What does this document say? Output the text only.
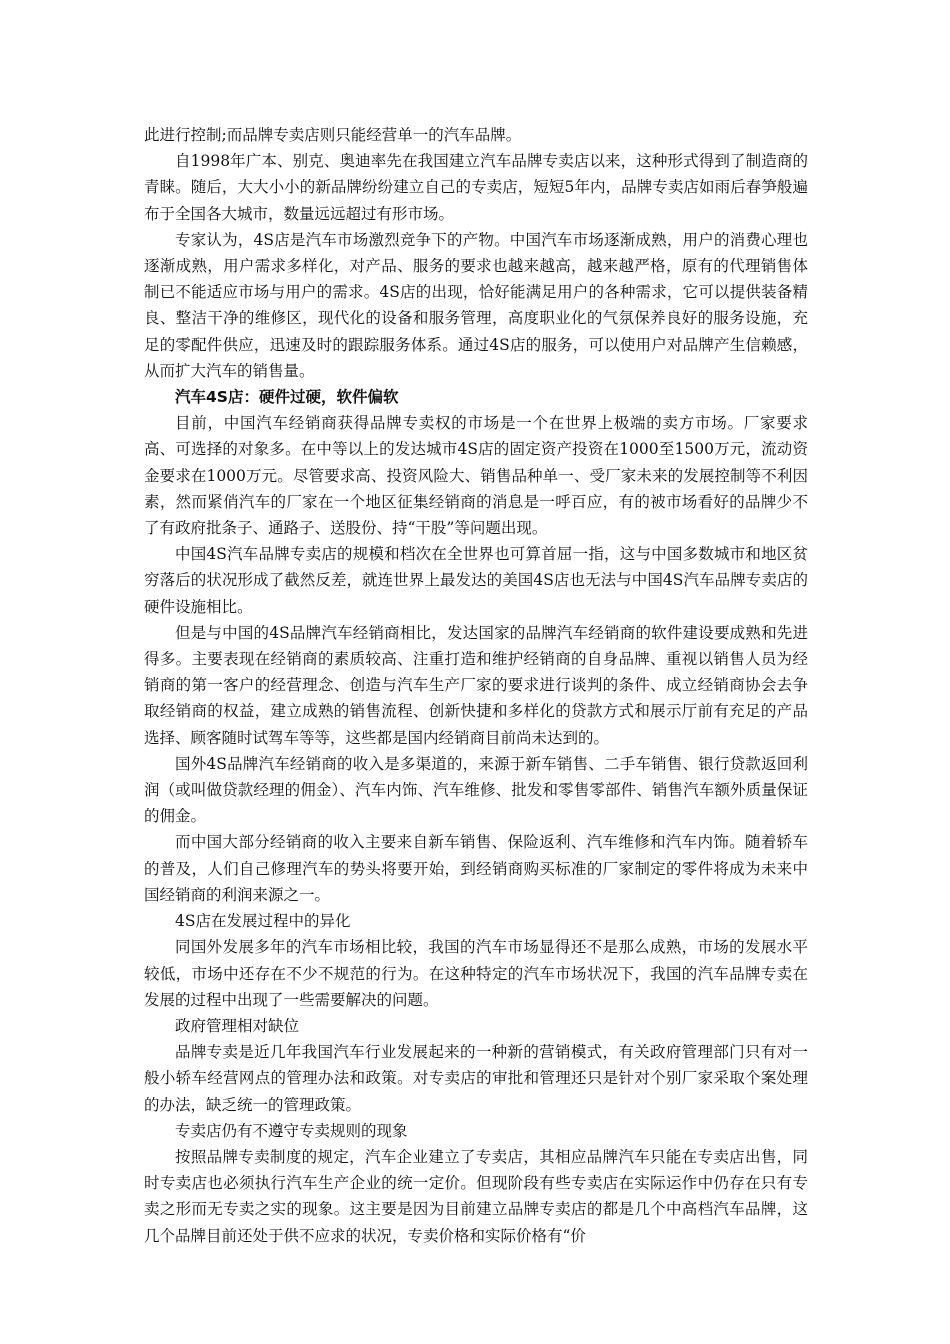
此进行控制;而品牌专卖店则只能经营单一的汽车品牌。

自1998年广本、别克、奥迪率先在我国建立汽车品牌专卖店以来，这种形式得到了制造商的青睐。随后，大大小小的新品牌纷纷建立自己的专卖店，短短5年内，品牌专卖店如雨后春笋般遍布于全国各大城市，数量远远超过有形市场。

专家认为，4S店是汽车市场激烈竞争下的产物。中国汽车市场逐渐成熟，用户的消费心理也逐渐成熟，用户需求多样化，对产品、服务的要求也越来越高，越来越严格，原有的代理销售体制已不能适应市场与用户的需求。4S店的出现，恰好能满足用户的各种需求，它可以提供装备精良、整洁干净的维修区，现代化的设备和服务管理，高度职业化的气氛保养良好的服务设施，充足的零配件供应，迅速及时的跟踪服务体系。通过4S店的服务，可以使用户对品牌产生信赖感，从而扩大汽车的销售量。

汽车4S店：硬件过硬，软件偏软

目前，中国汽车经销商获得品牌专卖权的市场是一个在世界上极端的卖方市场。厂家要求高、可选择的对象多。在中等以上的发达城市4S店的固定资产投资在1000至1500万元，流动资金要求在1000万元。尽管要求高、投资风险大、销售品种单一、受厂家未来的发展控制等不利因素，然而紧俏汽车的厂家在一个地区征集经销商的消息是一呼百应，有的被市场看好的品牌少不了有政府批条子、通路子、送股份、持“干股”等问题出现。

中国4S汽车品牌专卖店的规模和档次在全世界也可算首屈一指，这与中国多数城市和地区贫穷落后的状况形成了截然反差，就连世界上最发达的美国4S店也无法与中国4S汽车品牌专卖店的硬件设施相比。

但是与中国的4S品牌汽车经销商相比，发达国家的品牌汽车经销商的软件建设要成熟和先进得多。主要表现在经销商的素质较高、注重打造和维护经销商的自身品牌、重视以销售人员为经销商的第一客户的经营理念、创造与汽车生产厂家的要求进行谈判的条件、成立经销商协会去争取经销商的权益，建立成熟的销售流程、创新快捷和多样化的贷款方式和展示厅前有充足的产品选择、顾客随时试驾车等等，这些都是国内经销商目前尚未达到的。

国外4S品牌汽车经销商的收入是多渠道的，来源于新车销售、二手车销售、银行贷款返回利润（或叫做贷款经理的佣金）、汽车内饰、汽车维修、批发和零售零部件、销售汽车额外质量保证的佣金。

而中国大部分经销商的收入主要来自新车销售、保险返利、汽车维修和汽车内饰。随着轿车的普及，人们自己修理汽车的势头将要开始，到经销商购买标准的厂家制定的零件将成为未来中国经销商的利润来源之一。

4S店在发展过程中的异化

同国外发展多年的汽车市场相比较，我国的汽车市场显得还不是那么成熟，市场的发展水平较低，市场中还存在不少不规范的行为。在这种特定的汽车市场状况下，我国的汽车品牌专卖在发展的过程中出现了一些需要解决的问题。

政府管理相对缺位

品牌专卖是近几年我国汽车行业发展起来的一种新的营销模式，有关政府管理部门只有对一般小轿车经营网点的管理办法和政策。对专卖店的审批和管理还只是针对个别厂家采取个案处理的办法，缺乏统一的管理政策。

专卖店仍有不遵守专卖规则的现象

按照品牌专卖制度的规定，汽车企业建立了专卖店，其相应品牌汽车只能在专卖店出售，同时专卖店也必须执行汽车生产企业的统一定价。但现阶段有些专卖店在实际运作中仍存在只有专卖之形而无专卖之实的现象。这主要是因为目前建立品牌专卖店的都是几个中高档汽车品牌，这几个品牌目前还处于供不应求的状况，专卖价格和实际价格有“价
